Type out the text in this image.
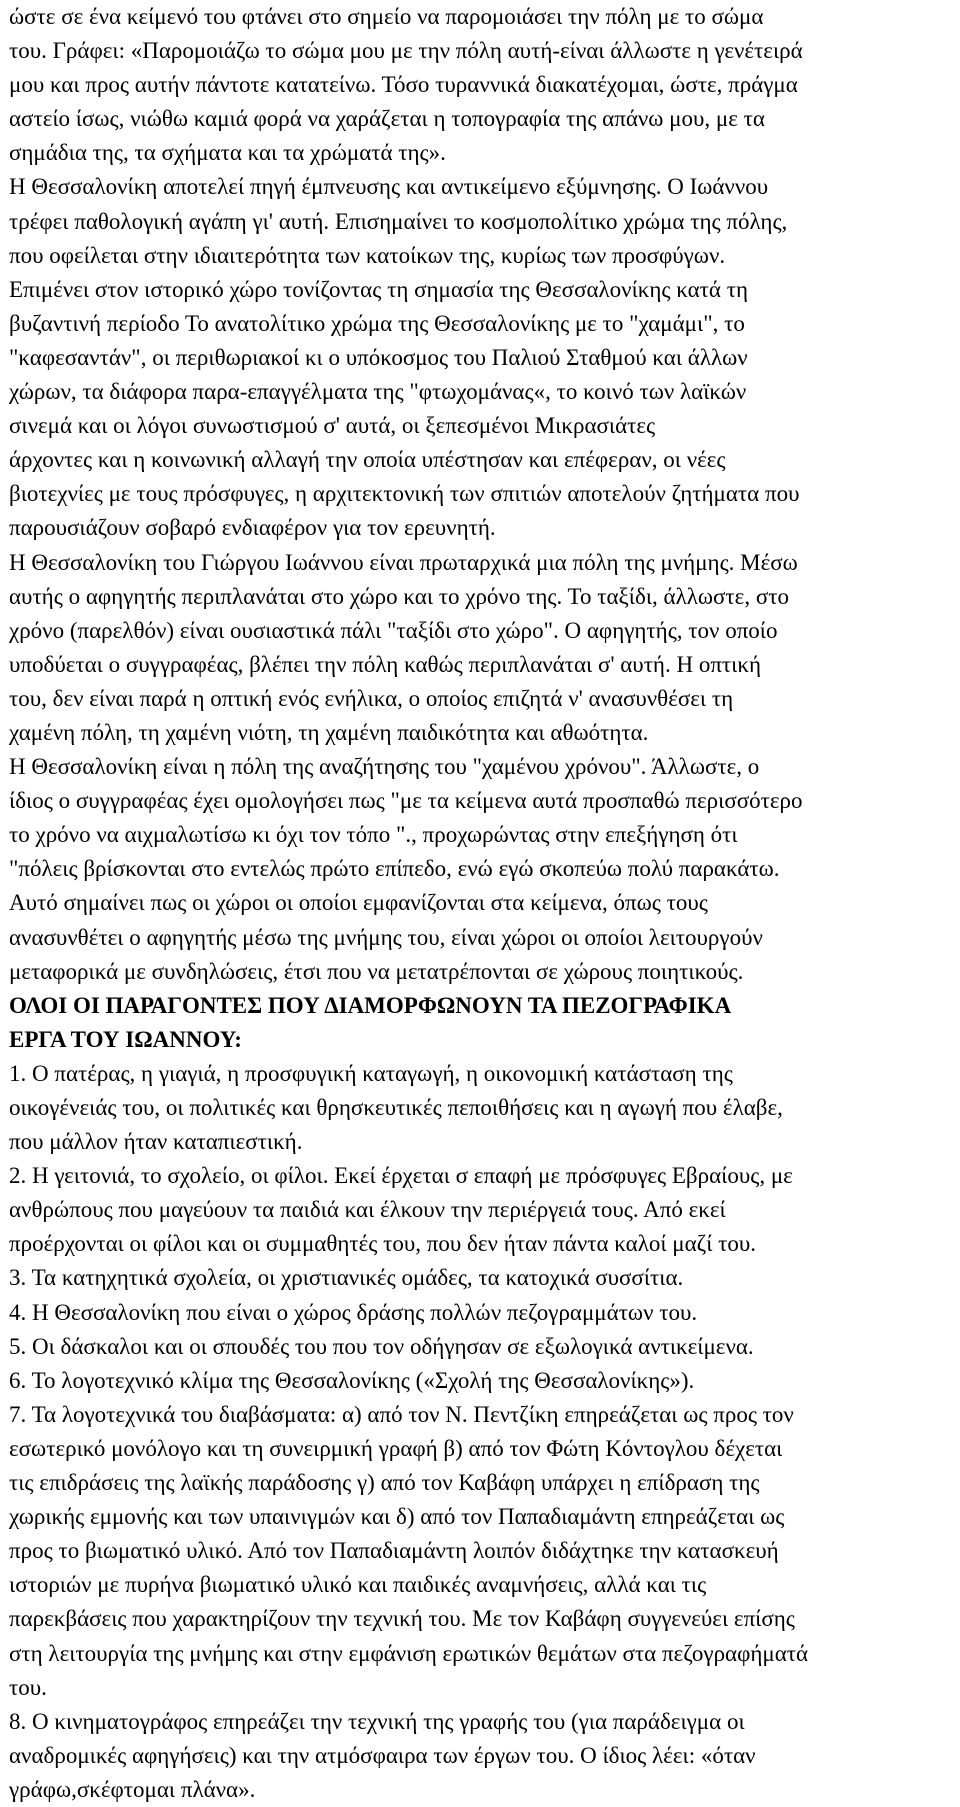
ώστε σε ένα κείμενό του φτάνει στο σημείο να παρομοιάσει την πόλη με το σώμα
του. Γράφει: «Παρομοιάζω το σώμα μου με την πόλη αυτή-είναι άλλωστε η γενέτειρά
μου και προς αυτήν πάντοτε κατατείνω. Τόσο τυραννικά διακατέχομαι, ώστε, πράγμα
αστείο ίσως, νιώθω καμιά φορά να χαράζεται η τοπογραφία της απάνω μου, με τα
σημάδια της, τα σχήματα και τα χρώματά της».

Η Θεσσαλονίκη αποτελεί πηγή έμπνευσης και αντικείμενο εξύμνησης. Ο Ιωάννου
τρέφει παθολογική αγάπη γι' αυτή. Επισημαίνει το κοσμοπολίτικο χρώμα της πόλης,
που οφείλεται στην ιδιαιτερότητα των κατοίκων της, κυρίως των προσφύγων.
Επιμένει στον ιστορικό χώρο τονίζοντας τη σημασία της Θεσσαλονίκης κατά τη
βυζαντινή περίοδο Το ανατολίτικο χρώμα της Θεσσαλονίκης με το "χαμάμι", το
"καφεσαντάν", οι περιθωριακοί κι ο υπόκοσμος του Παλιού Σταθμού και άλλων
χώρων, τα διάφορα παρα-επαγγέλματα της "φτωχομάνας«, το κοινό των λαϊκών
σινεμά και οι λόγοι συνωστισμού σ' αυτά, οι ξεπεσμένοι Μικρασιάτες
άρχοντες και η κοινωνική αλλαγή την οποία υπέστησαν και επέφεραν, οι νέες
βιοτεχνίες με τους πρόσφυγες, η αρχιτεκτονική των σπιτιών αποτελούν ζητήματα που
παρουσιάζουν σοβαρό ενδιαφέρον για τον ερευνητή.

Η Θεσσαλονίκη του Γιώργου Ιωάννου είναι πρωταρχικά μια πόλη της μνήμης. Μέσω
αυτής ο αφηγητής περιπλανάται στο χώρο και το χρόνο της. Το ταξίδι, άλλωστε, στο
χρόνο (παρελθόν) είναι ουσιαστικά πάλι "ταξίδι στο χώρο". Ο αφηγητής, τον οποίο
υποδύεται ο συγγραφέας, βλέπει την πόλη καθώς περιπλανάται σ' αυτή. Η οπτική
του, δεν είναι παρά η οπτική ενός ενήλικα, ο οποίος επιζητά ν' ανασυνθέσει τη
χαμένη πόλη, τη χαμένη νιότη, τη χαμένη παιδικότητα και αθωότητα.

Η Θεσσαλονίκη είναι η πόλη της αναζήτησης του "χαμένου χρόνου". Άλλωστε, ο
ίδιος ο συγγραφέας έχει ομολογήσει πως "με τα κείμενα αυτά προσπαθώ περισσότερο
το χρόνο να αιχμαλωτίσω κι όχι τον τόπο "., προχωρώντας στην επεξήγηση ότι
"πόλεις βρίσκονται στο εντελώς πρώτο επίπεδο, ενώ εγώ σκοπεύω πολύ παρακάτω.
Αυτό σημαίνει πως οι χώροι οι οποίοι εμφανίζονται στα κείμενα, όπως τους
ανασυνθέτει ο αφηγητής μέσω της μνήμης του, είναι χώροι οι οποίοι λειτουργούν
μεταφορικά με συνδηλώσεις, έτσι που να μετατρέπονται σε χώρους ποιητικούς.

ΟΛΟΙ ΟΙ ΠΑΡΑΓΟΝΤΕΣ ΠΟΥ ΔΙΑΜΟΡΦΩΝΟΥΝ ΤΑ ΠΕΖΟΓΡΑΦΙΚΑ
ΕΡΓΑ ΤΟΥ ΙΩΑΝΝΟΥ:

1. Ο πατέρας, η γιαγιά, η προσφυγική καταγωγή, η οικονομική κατάσταση της
οικογένειάς του, οι πολιτικές και θρησκευτικές πεποιθήσεις και η αγωγή που έλαβε,
που μάλλον ήταν καταπιεστική.

2. Η γειτονιά, το σχολείο, οι φίλοι. Εκεί έρχεται σ επαφή με πρόσφυγες Εβραίους, με
ανθρώπους που μαγεύουν τα παιδιά και έλκουν την περιέργειά τους. Από εκεί
προέρχονται οι φίλοι και οι συμμαθητές του, που δεν ήταν πάντα καλοί μαζί του.

3. Τα κατηχητικά σχολεία, οι χριστιανικές ομάδες, τα κατοχικά συσσίτια.

4. Η Θεσσαλονίκη που είναι ο χώρος δράσης πολλών πεζογραμμάτων του.

5. Οι δάσκαλοι και οι σπουδές του που τον οδήγησαν σε εξωλογικά αντικείμενα.

6. Το λογοτεχνικό κλίμα της Θεσσαλονίκης («Σχολή της Θεσσαλονίκης»).

7. Τα λογοτεχνικά του διαβάσματα: α) από τον Ν. Πεντζίκη επηρεάζεται ως προς τον
εσωτερικό μονόλογο και τη συνειρμική γραφή β) από τον Φώτη Κόντογλου δέχεται
τις επιδράσεις της λαϊκής παράδοσης γ) από τον Καβάφη υπάρχει η επίδραση της
χωρικής εμμονής και των υπαινιγμών και δ) από τον Παπαδιαμάντη επηρεάζεται ως
προς το βιωματικό υλικό. Από τον Παπαδιαμάντη λοιπόν διδάχτηκε την κατασκευή
ιστοριών με πυρήνα βιωματικό υλικό και παιδικές αναμνήσεις, αλλά και τις
παρεκβάσεις που χαρακτηρίζουν την τεχνική του. Με τον Καβάφη συγγενεύει επίσης
στη λειτουργία της μνήμης και στην εμφάνιση ερωτικών θεμάτων στα πεζογραφήματά
του.

8. Ο κινηματογράφος επηρεάζει την τεχνική της γραφής του (για παράδειγμα οι
αναδρομικές αφηγήσεις) και την ατμόσφαιρα των έργων του. Ο ίδιος λέει: «όταν
γράφω,σκέφτομαι πλάνα».
